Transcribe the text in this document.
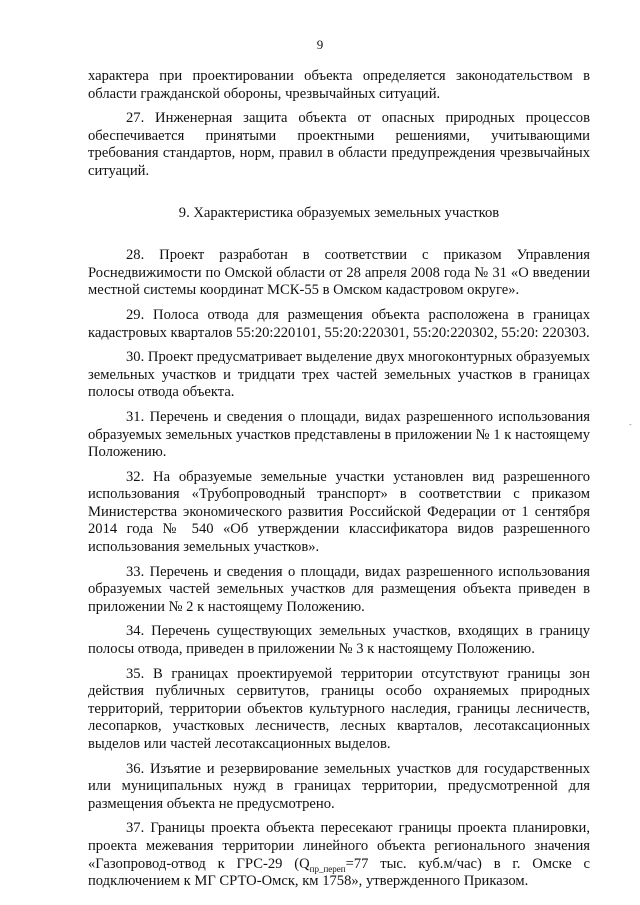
9

характера при проектировании объекта определяется законодательством в области гражданской обороны, чрезвычайных ситуаций.

27. Инженерная защита объекта от опасных природных процессов обеспечивается принятыми проектными решениями, учитывающими требования стандартов, норм, правил в области предупреждения чрезвычайных ситуаций.

9. Характеристика образуемых земельных участков

28. Проект разработан в соответствии с приказом Управления Роснедвижимости по Омской области от 28 апреля 2008 года № 31 «О введении местной системы координат МСК-55 в Омском кадастровом округе».

29. Полоса отвода для размещения объекта расположена в границах кадастровых кварталов 55:20:220101, 55:20:220301, 55:20:220302, 55:20: 220303.

30. Проект предусматривает выделение двух многоконтурных образуемых земельных участков и тридцати трех частей земельных участков в границах полосы отвода объекта.

31. Перечень и сведения о площади, видах разрешенного использования образуемых земельных участков представлены в приложении № 1 к настоящему Положению.

32. На образуемые земельные участки установлен вид разрешенного использования «Трубопроводный транспорт» в соответствии с приказом Министерства экономического развития Российской Федерации от 1 сентября 2014 года № 540 «Об утверждении классификатора видов разрешенного использования земельных участков».

33. Перечень и сведения о площади, видах разрешенного использования образуемых частей земельных участков для размещения объекта приведен в приложении № 2 к настоящему Положению.

34. Перечень существующих земельных участков, входящих в границу полосы отвода, приведен в приложении № 3 к настоящему Положению.

35. В границах проектируемой территории отсутствуют границы зон действия публичных сервитутов, границы особо охраняемых природных территорий, территории объектов культурного наследия, границы лесничеств, лесопарков, участковых лесничеств, лесных кварталов, лесотаксационных выделов или частей лесотаксационных выделов.

36. Изъятие и резервирование земельных участков для государственных или муниципальных нужд в границах территории, предусмотренной для размещения объекта не предусмотрено.

37. Границы проекта объекта пересекают границы проекта планировки, проекта межевания территории линейного объекта регионального значения «Газопровод-отвод к ГРС-29 ($Q_{пр\_переп}=77$ тыс. куб.м/час) в г. Омске с подключением к МГ СРТО-Омск, км 1758», утвержденного Приказом.

-
